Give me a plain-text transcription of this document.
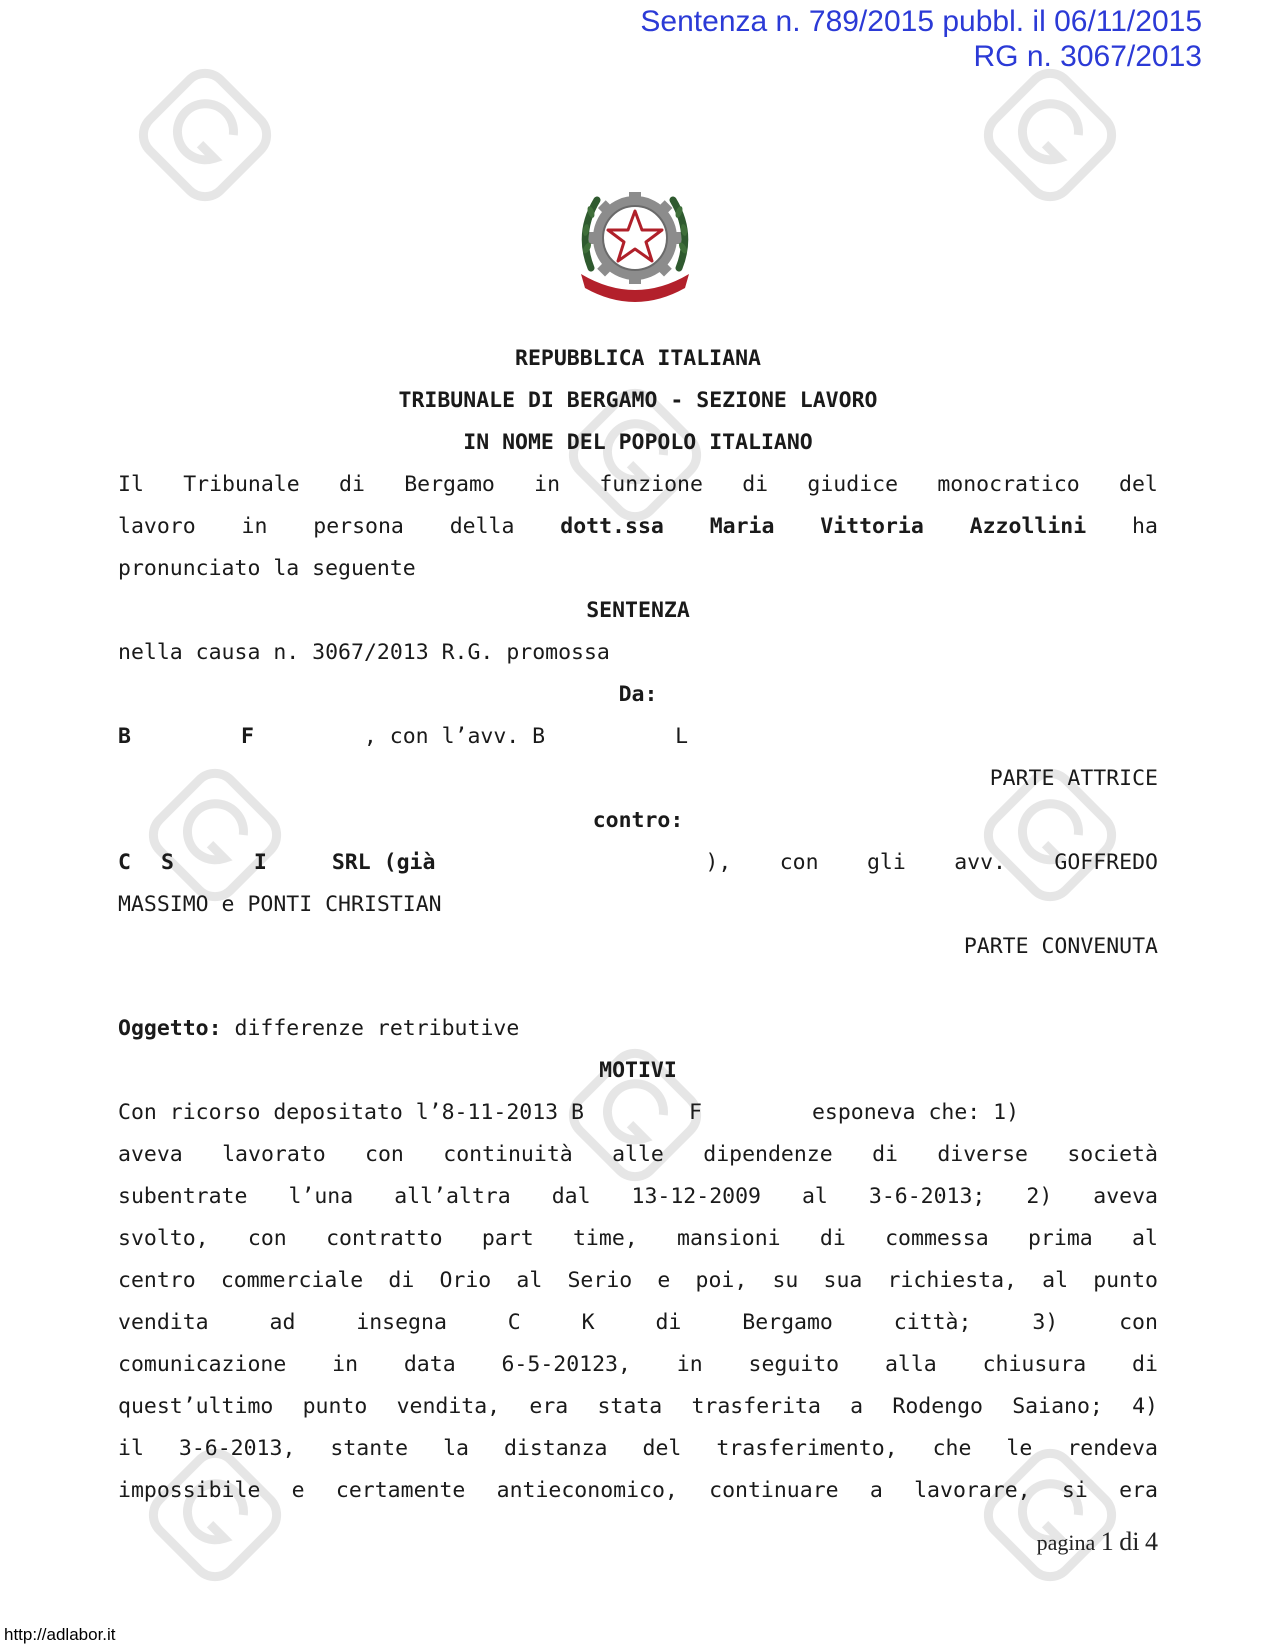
Sentenza n. 789/2015 pubbl. il 06/11/2015
RG n. 3067/2013
REPUBBLICA ITALIANA
TRIBUNALE DI BERGAMO - SEZIONE LAVORO
IN NOME DEL POPOLO ITALIANO
Il Tribunale di Bergamo in funzione di giudice monocratico del
lavoro in persona della dott.ssa Maria Vittoria Azzollini ha
pronunciato la seguente
SENTENZA
nella causa n. 3067/2013 R.G. promossa
Da:
B	F	, con l’avv. B	L
PARTE ATTRICE
contro:
C S	I	SRL (già	), con gli avv. GOFFREDO
MASSIMO e PONTI CHRISTIAN
PARTE CONVENUTA
Oggetto: differenze retributive
MOTIVI
Con ricorso depositato l’8-11-2013 B	F	esponeva che: 1)
aveva lavorato con continuità alle dipendenze di diverse società
subentrate l’una all’altra dal 13-12-2009 al 3-6-2013; 2) aveva
svolto, con contratto part time, mansioni di commessa prima al
centro commerciale di Orio al Serio e poi, su sua richiesta, al punto
vendita	ad	insegna	C	K	di	Bergamo	città;	3)	con
comunicazione in data 6-5-20123, in seguito alla chiusura di
quest’ultimo punto vendita, era stata trasferita a Rodengo Saiano; 4)
il 3-6-2013, stante la distanza del trasferimento, che le rendeva
impossibile e certamente antieconomico, continuare a lavorare, si era
pagina 1 di 4
http://adlabor.it
